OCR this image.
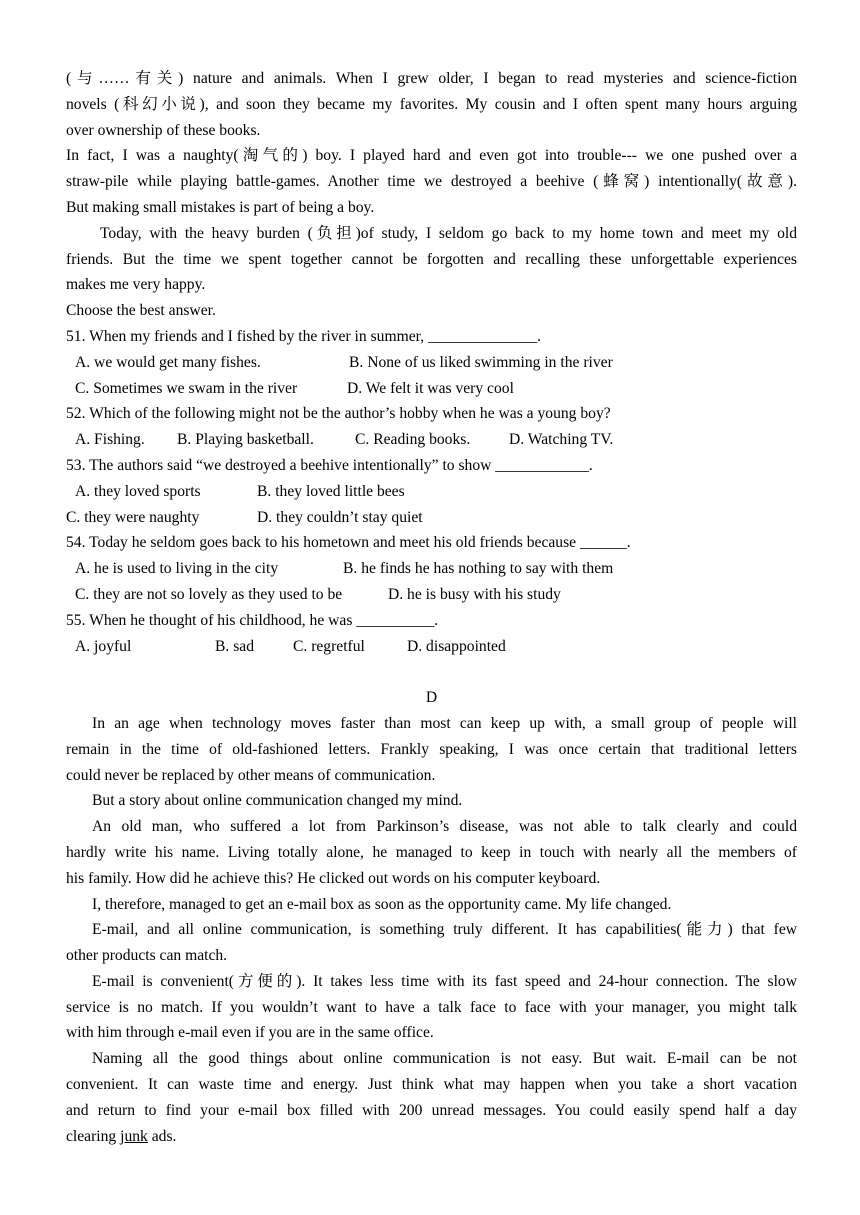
(与……有关) nature and animals. When I grew older, I began to read mysteries and science-fiction
novels (科幻小说), and soon they became my favorites. My cousin and I often spent many hours arguing
over ownership of these books.
In fact, I was a naughty(淘气的) boy. I played hard and even got into trouble--- we one pushed over a
straw-pile while playing battle-games. Another time we destroyed a beehive (蜂窝) intentionally(故意).
But making small mistakes is part of being a boy.
Today, with the heavy burden (负担)of study, I seldom go back to my home town and meet my old
friends. But the time we spent together cannot be forgotten and recalling these unforgettable experiences
makes me very happy.
Choose the best answer.
51. When my friends and I fished by the river in summer, ______________.
A. we would get many fishes.	B. None of us liked swimming in the river
C. Sometimes we swam in the river	D. We felt it was very cool
52. Which of the following might not be the author’s hobby when he was a young boy?
A. Fishing. B. Playing basketball.	C. Reading books. D. Watching TV.
53. The authors said “we destroyed a beehive intentionally” to show ____________.
A. they loved sports	B. they loved little bees
C. they were naughty	D. they couldn’t stay quiet
54. Today he seldom goes back to his hometown and meet his old friends because ______.
A. he is used to living in the city	B. he finds he has nothing to say with them
C. they are not so lovely as they used to be	D. he is busy with his study
55. When he thought of his childhood, he was __________.
A. joyful	B. sad	C. regretful	D. disappointed
D
In an age when technology moves faster than most can keep up with, a small group of people will
remain in the time of old-fashioned letters. Frankly speaking, I was once certain that traditional letters
could never be replaced by other means of communication.
But a story about online communication changed my mind.
An old man, who suffered a lot from Parkinson’s disease, was not able to talk clearly and could
hardly write his name. Living totally alone, he managed to keep in touch with nearly all the members of
his family. How did he achieve this? He clicked out words on his computer keyboard.
I, therefore, managed to get an e-mail box as soon as the opportunity came. My life changed.
E-mail, and all online communication, is something truly different. It has capabilities(能力) that few
other products can match.
E-mail is convenient(方便的). It takes less time with its fast speed and 24-hour connection. The slow
service is no match. If you wouldn’t want to have a talk face to face with your manager, you might talk
with him through e-mail even if you are in the same office.
Naming all the good things about online communication is not easy. But wait. E-mail can be not
convenient. It can waste time and energy. Just think what may happen when you take a short vacation
and return to find your e-mail box filled with 200 unread messages. You could easily spend half a day
clearing junk ads.
